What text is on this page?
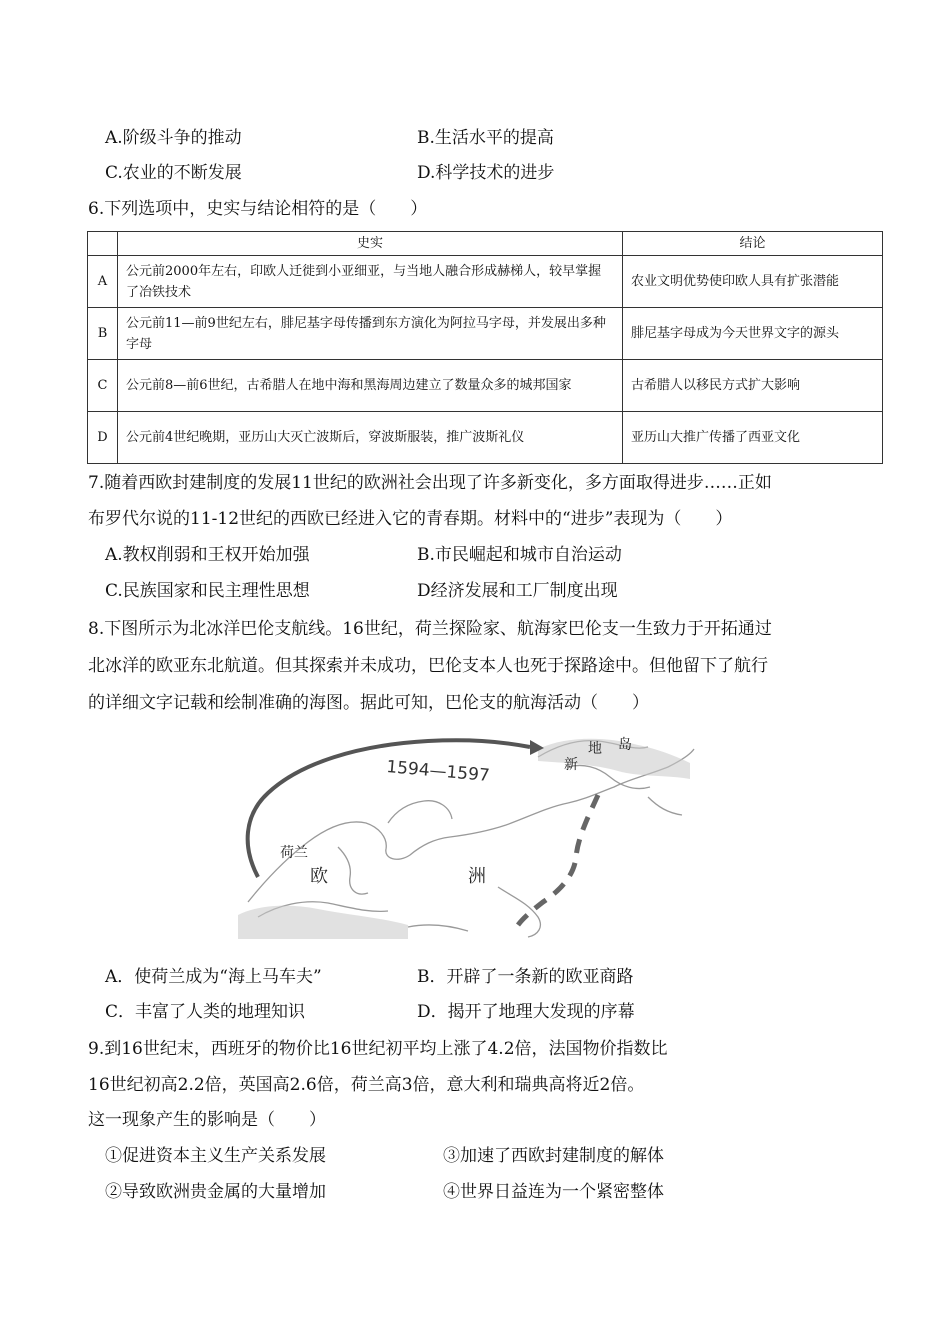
A.阶级斗争的推动	B.生活水平的提高
C.农业的不断发展	D.科学技术的进步
6.下列选项中，史实与结论相符的是（　　）
	史实	结论
A	公元前2000年左右，印欧人迁徙到小亚细亚，与当地人融合形成赫梯人，较早掌握了冶铁技术	农业文明优势使印欧人具有扩张潜能
B	公元前11—前9世纪左右，腓尼基字母传播到东方演化为阿拉马字母，并发展出多种字母	腓尼基字母成为今天世界文字的源头
C	公元前8—前6世纪，古希腊人在地中海和黑海周边建立了数量众多的城邦国家	古希腊人以移民方式扩大影响
D	公元前4世纪晚期，亚历山大灭亡波斯后，穿波斯服装，推广波斯礼仪	亚历山大推广传播了西亚文化
7.随着西欧封建制度的发展11世纪的欧洲社会出现了许多新变化，多方面取得进步……正如
布罗代尔说的11-12世纪的西欧已经进入它的青春期。材料中的“进步”表现为（　　）
A.教权削弱和王权开始加强	B.市民崛起和城市自治运动
C.民族国家和民主理性思想	D经济发展和工厂制度出现
8.下图所示为北冰洋巴伦支航线。16世纪，荷兰探险家、航海家巴伦支一生致力于开拓通过
北冰洋的欧亚东北航道。但其探索并未成功，巴伦支本人也死于探路途中。但他留下了航行
的详细文字记载和绘制准确的海图。据此可知，巴伦支的航海活动（　　）
1594—1597	新
地 岛
荷兰
欧	洲
A．使荷兰成为“海上马车夫”	B．开辟了一条新的欧亚商路
C．丰富了人类的地理知识	D．揭开了地理大发现的序幕
9.到16世纪末，西班牙的物价比16世纪初平均上涨了4.2倍，法国物价指数比
16世纪初高2.2倍，英国高2.6倍，荷兰高3倍，意大利和瑞典高将近2倍。
这一现象产生的影响是（　　）
①促进资本主义生产关系发展	③加速了西欧封建制度的解体
②导致欧洲贵金属的大量增加	④世界日益连为一个紧密整体
